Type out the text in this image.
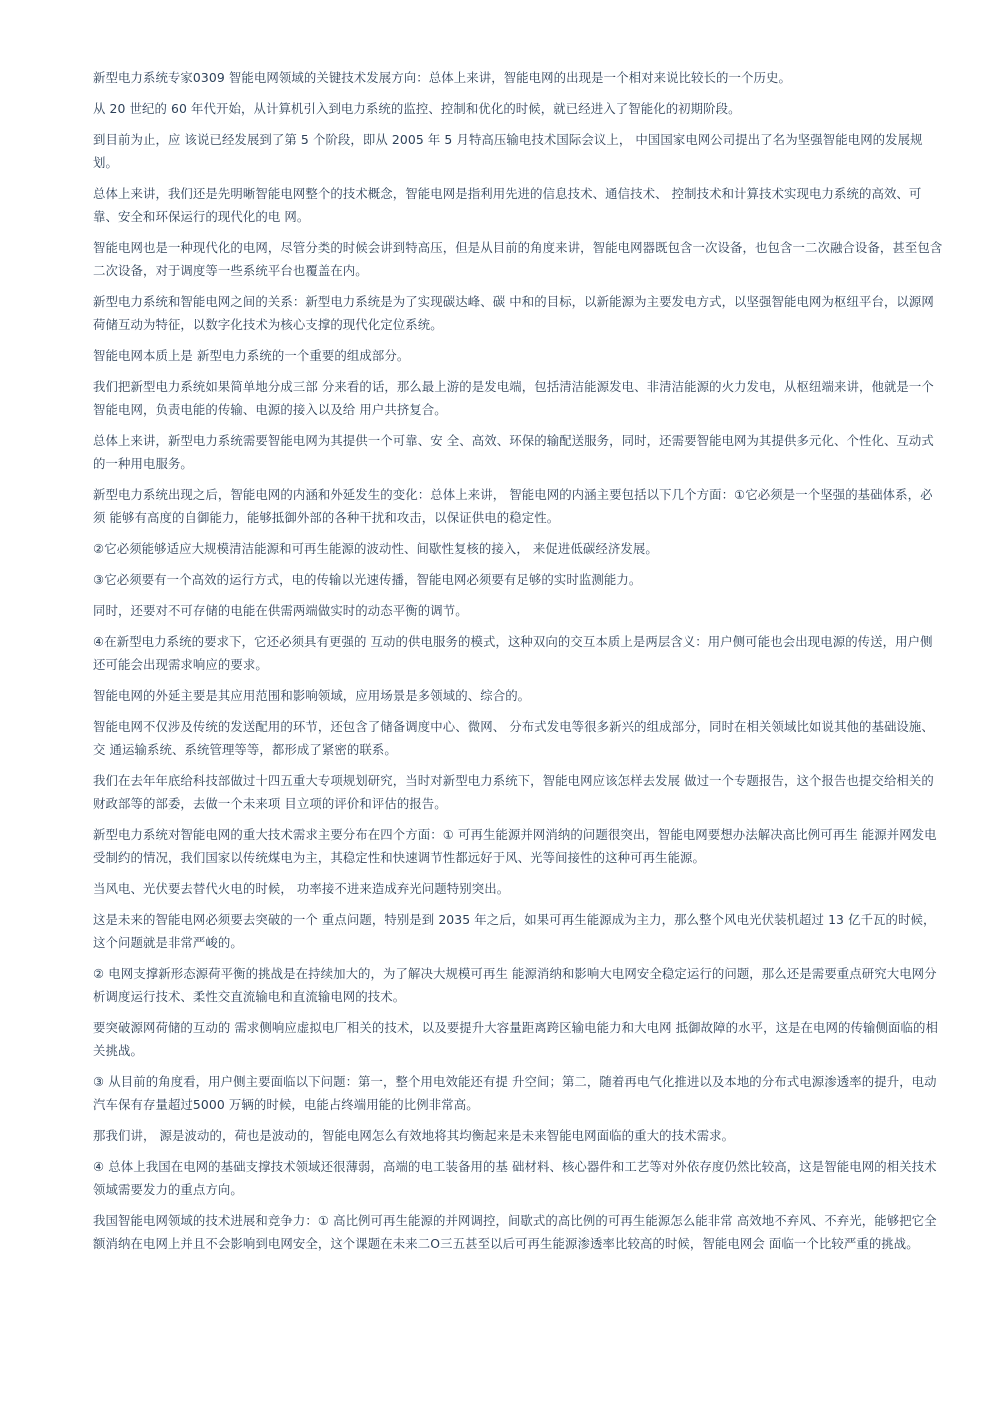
新型电力系统专家0309 智能电网领域的关键技术发展方向：总体上来讲，智能电网的出现是一个相对来说比较长的一个历史。

从 20 世纪的 60 年代开始，从计算机引入到电力系统的监控、控制和优化的时候，就已经进入了智能化的初期阶段。

到目前为止，应 该说已经发展到了第 5 个阶段，即从 2005 年 5 月特高压输电技术国际会议上， 中国国家电网公司提出了名为坚强智能电网的发展规划。

总体上来讲，我们还是先明晰智能电网整个的技术概念，智能电网是指利用先进的信息技术、通信技术、 控制技术和计算技术实现电力系统的高效、可靠、安全和环保运行的现代化的电 网。

智能电网也是一种现代化的电网，尽管分类的时候会讲到特高压，但是从目前的角度来讲，智能电网器既包含一次设备，也包含一二次融合设备，甚至包含 二次设备，对于调度等一些系统平台也覆盖在内。

新型电力系统和智能电网之间的关系：新型电力系统是为了实现碳达峰、碳 中和的目标，以新能源为主要发电方式，以坚强智能电网为枢纽平台，以源网荷储互动为特征，以数字化技术为核心支撑的现代化定位系统。

智能电网本质上是 新型电力系统的一个重要的组成部分。

我们把新型电力系统如果简单地分成三部 分来看的话，那么最上游的是发电端，包括清洁能源发电、非清洁能源的火力发电，从枢纽端来讲，他就是一个智能电网，负责电能的传输、电源的接入以及给 用户共挤复合。

总体上来讲，新型电力系统需要智能电网为其提供一个可靠、安 全、高效、环保的输配送服务，同时，还需要智能电网为其提供多元化、个性化、互动式的一种用电服务。

新型电力系统出现之后，智能电网的内涵和外延发生的变化：总体上来讲， 智能电网的内涵主要包括以下几个方面：①它必须是一个坚强的基础体系，必须 能够有高度的自御能力，能够抵御外部的各种干扰和攻击，以保证供电的稳定性。

②它必须能够适应大规模清洁能源和可再生能源的波动性、间歇性复核的接入， 来促进低碳经济发展。

③它必须要有一个高效的运行方式，电的传输以光速传播，智能电网必须要有足够的实时监测能力。

同时，还要对不可存储的电能在供需两端做实时的动态平衡的调节。

④在新型电力系统的要求下，它还必须具有更强的 互动的供电服务的模式，这种双向的交互本质上是两层含义：用户侧可能也会出现电源的传送，用户侧还可能会出现需求响应的要求。

智能电网的外延主要是其应用范围和影响领域，应用场景是多领域的、综合的。

智能电网不仅涉及传统的发送配用的环节，还包含了储备调度中心、微网、 分布式发电等很多新兴的组成部分，同时在相关领域比如说其他的基础设施、交 通运输系统、系统管理等等，都形成了紧密的联系。

我们在去年年底给科技部做过十四五重大专项规划研究，当时对新型电力系统下，智能电网应该怎样去发展 做过一个专题报告，这个报告也提交给相关的财政部等的部委，去做一个未来项 目立项的评价和评估的报告。

新型电力系统对智能电网的重大技术需求主要分布在四个方面：① 可再生能源并网消纳的问题很突出，智能电网要想办法解决高比例可再生 能源并网发电受制约的情况，我们国家以传统煤电为主，其稳定性和快速调节性都远好于风、光等间接性的这种可再生能源。

当风电、光伏要去替代火电的时候， 功率接不进来造成弃光问题特别突出。

这是未来的智能电网必须要去突破的一个 重点问题，特别是到 2035 年之后，如果可再生能源成为主力，那么整个风电光伏装机超过 13 亿千瓦的时候，这个问题就是非常严峻的。

② 电网支撑新形态源荷平衡的挑战是在持续加大的，为了解决大规模可再生 能源消纳和影响大电网安全稳定运行的问题，那么还是需要重点研究大电网分析调度运行技术、柔性交直流输电和直流输电网的技术。

要突破源网荷储的互动的 需求侧响应虚拟电厂相关的技术，以及要提升大容量距离跨区输电能力和大电网 抵御故障的水平，这是在电网的传输侧面临的相关挑战。

③ 从目前的角度看，用户侧主要面临以下问题：第一，整个用电效能还有提 升空间；第二，随着再电气化推进以及本地的分布式电源渗透率的提升，电动汽车保有存量超过5000 万辆的时候，电能占终端用能的比例非常高。

那我们讲， 源是波动的，荷也是波动的，智能电网怎么有效地将其均衡起来是未来智能电网面临的重大的技术需求。

④ 总体上我国在电网的基础支撑技术领域还很薄弱，高端的电工装备用的基 础材料、核心器件和工艺等对外依存度仍然比较高，这是智能电网的相关技术领域需要发力的重点方向。

我国智能电网领域的技术进展和竞争力：① 高比例可再生能源的并网调控，间歇式的高比例的可再生能源怎么能非常 高效地不弃风、不弃光，能够把它全额消纳在电网上并且不会影响到电网安全，这个课题在未来二O三五甚至以后可再生能源渗透率比较高的时候，智能电网会 面临一个比较严重的挑战。
